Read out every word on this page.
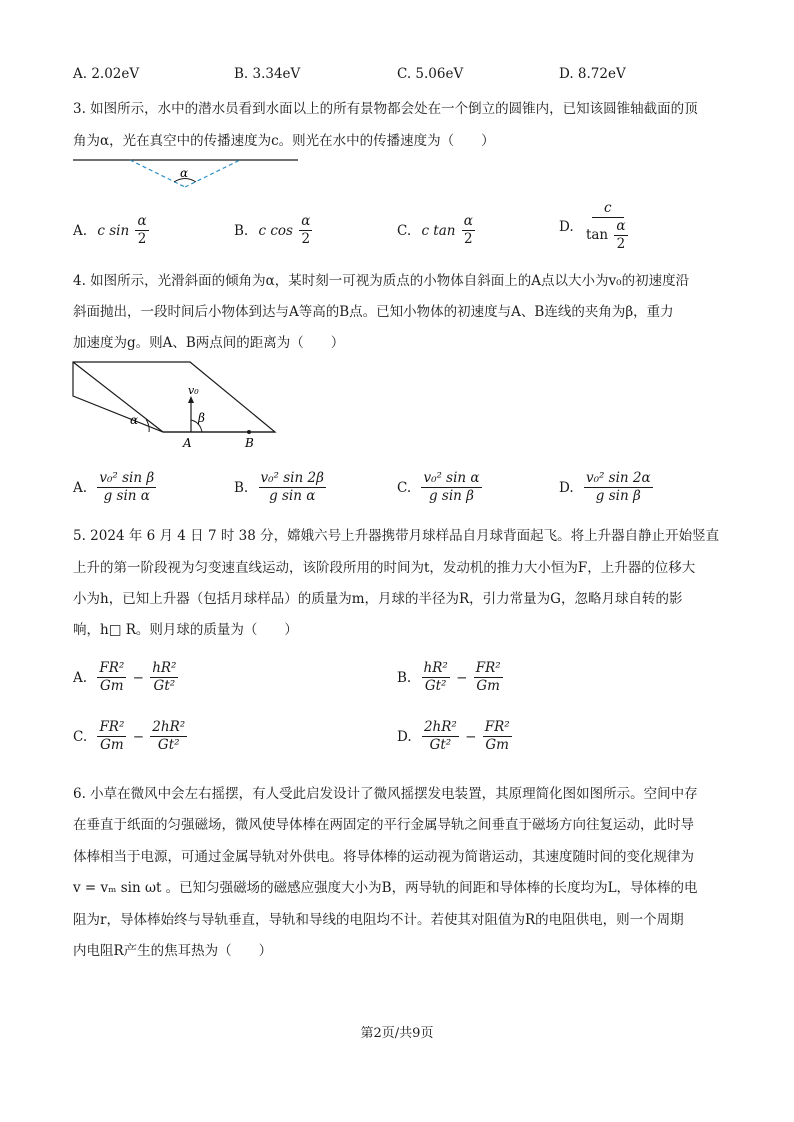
A. 2.02eV	B. 3.34eV	C. 5.06eV	D. 8.72eV
3. 如图所示，水中的潜水员看到水面以上的所有景物都会处在一个倒立的圆锥内，已知该圆锥轴截面的顶
角为α，光在真空中的传播速度为c。则光在水中的传播速度为（　　）
α
A. c $\sin \frac{\alpha}{2}$	B. c $\cos \frac{\alpha}{2}$	C. c $\tan \frac{\alpha}{2}$	D. $\frac{c}{\tan \frac{\alpha}{2}}$
4. 如图所示，光滑斜面的倾角为α，某时刻一可视为质点的小物体自斜面上的A点以大小为v₀的初速度沿
斜面抛出，一段时间后小物体到达与A等高的B点。已知小物体的初速度与A、B连线的夹角为β，重力
加速度为g。则A、B两点间的距离为（　　）
α
v₀
β
A	B
A. $\frac{\text{v₀² sin β}}{\text{g sin α}}$	B. $\frac{\text{v₀² sin 2β}}{\text{g sin α}}$	C. $\frac{\text{v₀² sin α}}{\text{g sin β}}$	D. $\frac{\text{v₀² sin 2α}}{\text{g sin β}}$
5. 2024 年 6 月 4 日 7 时 38 分，嫦娥六号上升器携带月球样品自月球背面起飞。将上升器自静止开始竖直
上升的第一阶段视为匀变速直线运动，该阶段所用的时间为t，发动机的推力大小恒为F，上升器的位移大
小为h，已知上升器（包括月球样品）的质量为m，月球的半径为R，引力常量为G，忽略月球自转的影
响，h□ R。则月球的质量为（　　）
A. $\frac{\text{FR²}}{Gm} - \frac{\text{hR²}}{\text{Gt²}}$	B. $\frac{\text{hR²}}{\text{Gt²}} - \frac{\text{FR²}}{Gm}$
C. $\frac{\text{FR²}}{Gm} - \frac{\text{2hR²}}{\text{Gt²}}$	D. $\frac{\text{2hR²}}{\text{Gt²}} - \frac{\text{FR²}}{Gm}$
6. 小草在微风中会左右摇摆，有人受此启发设计了微风摇摆发电装置，其原理简化图如图所示。空间中存
在垂直于纸面的匀强磁场，微风使导体棒在两固定的平行金属导轨之间垂直于磁场方向往复运动，此时导
体棒相当于电源，可通过金属导轨对外供电。将导体棒的运动视为简谐运动，其速度随时间的变化规律为
v = vₘ sin ωt 。已知匀强磁场的磁感应强度大小为B，两导轨的间距和导体棒的长度均为L，导体棒的电
阻为r，导体棒始终与导轨垂直，导轨和导线的电阻均不计。若使其对阻值为R的电阻供电，则一个周期
内电阻R产生的焦耳热为（　　）
第2页/共9页
